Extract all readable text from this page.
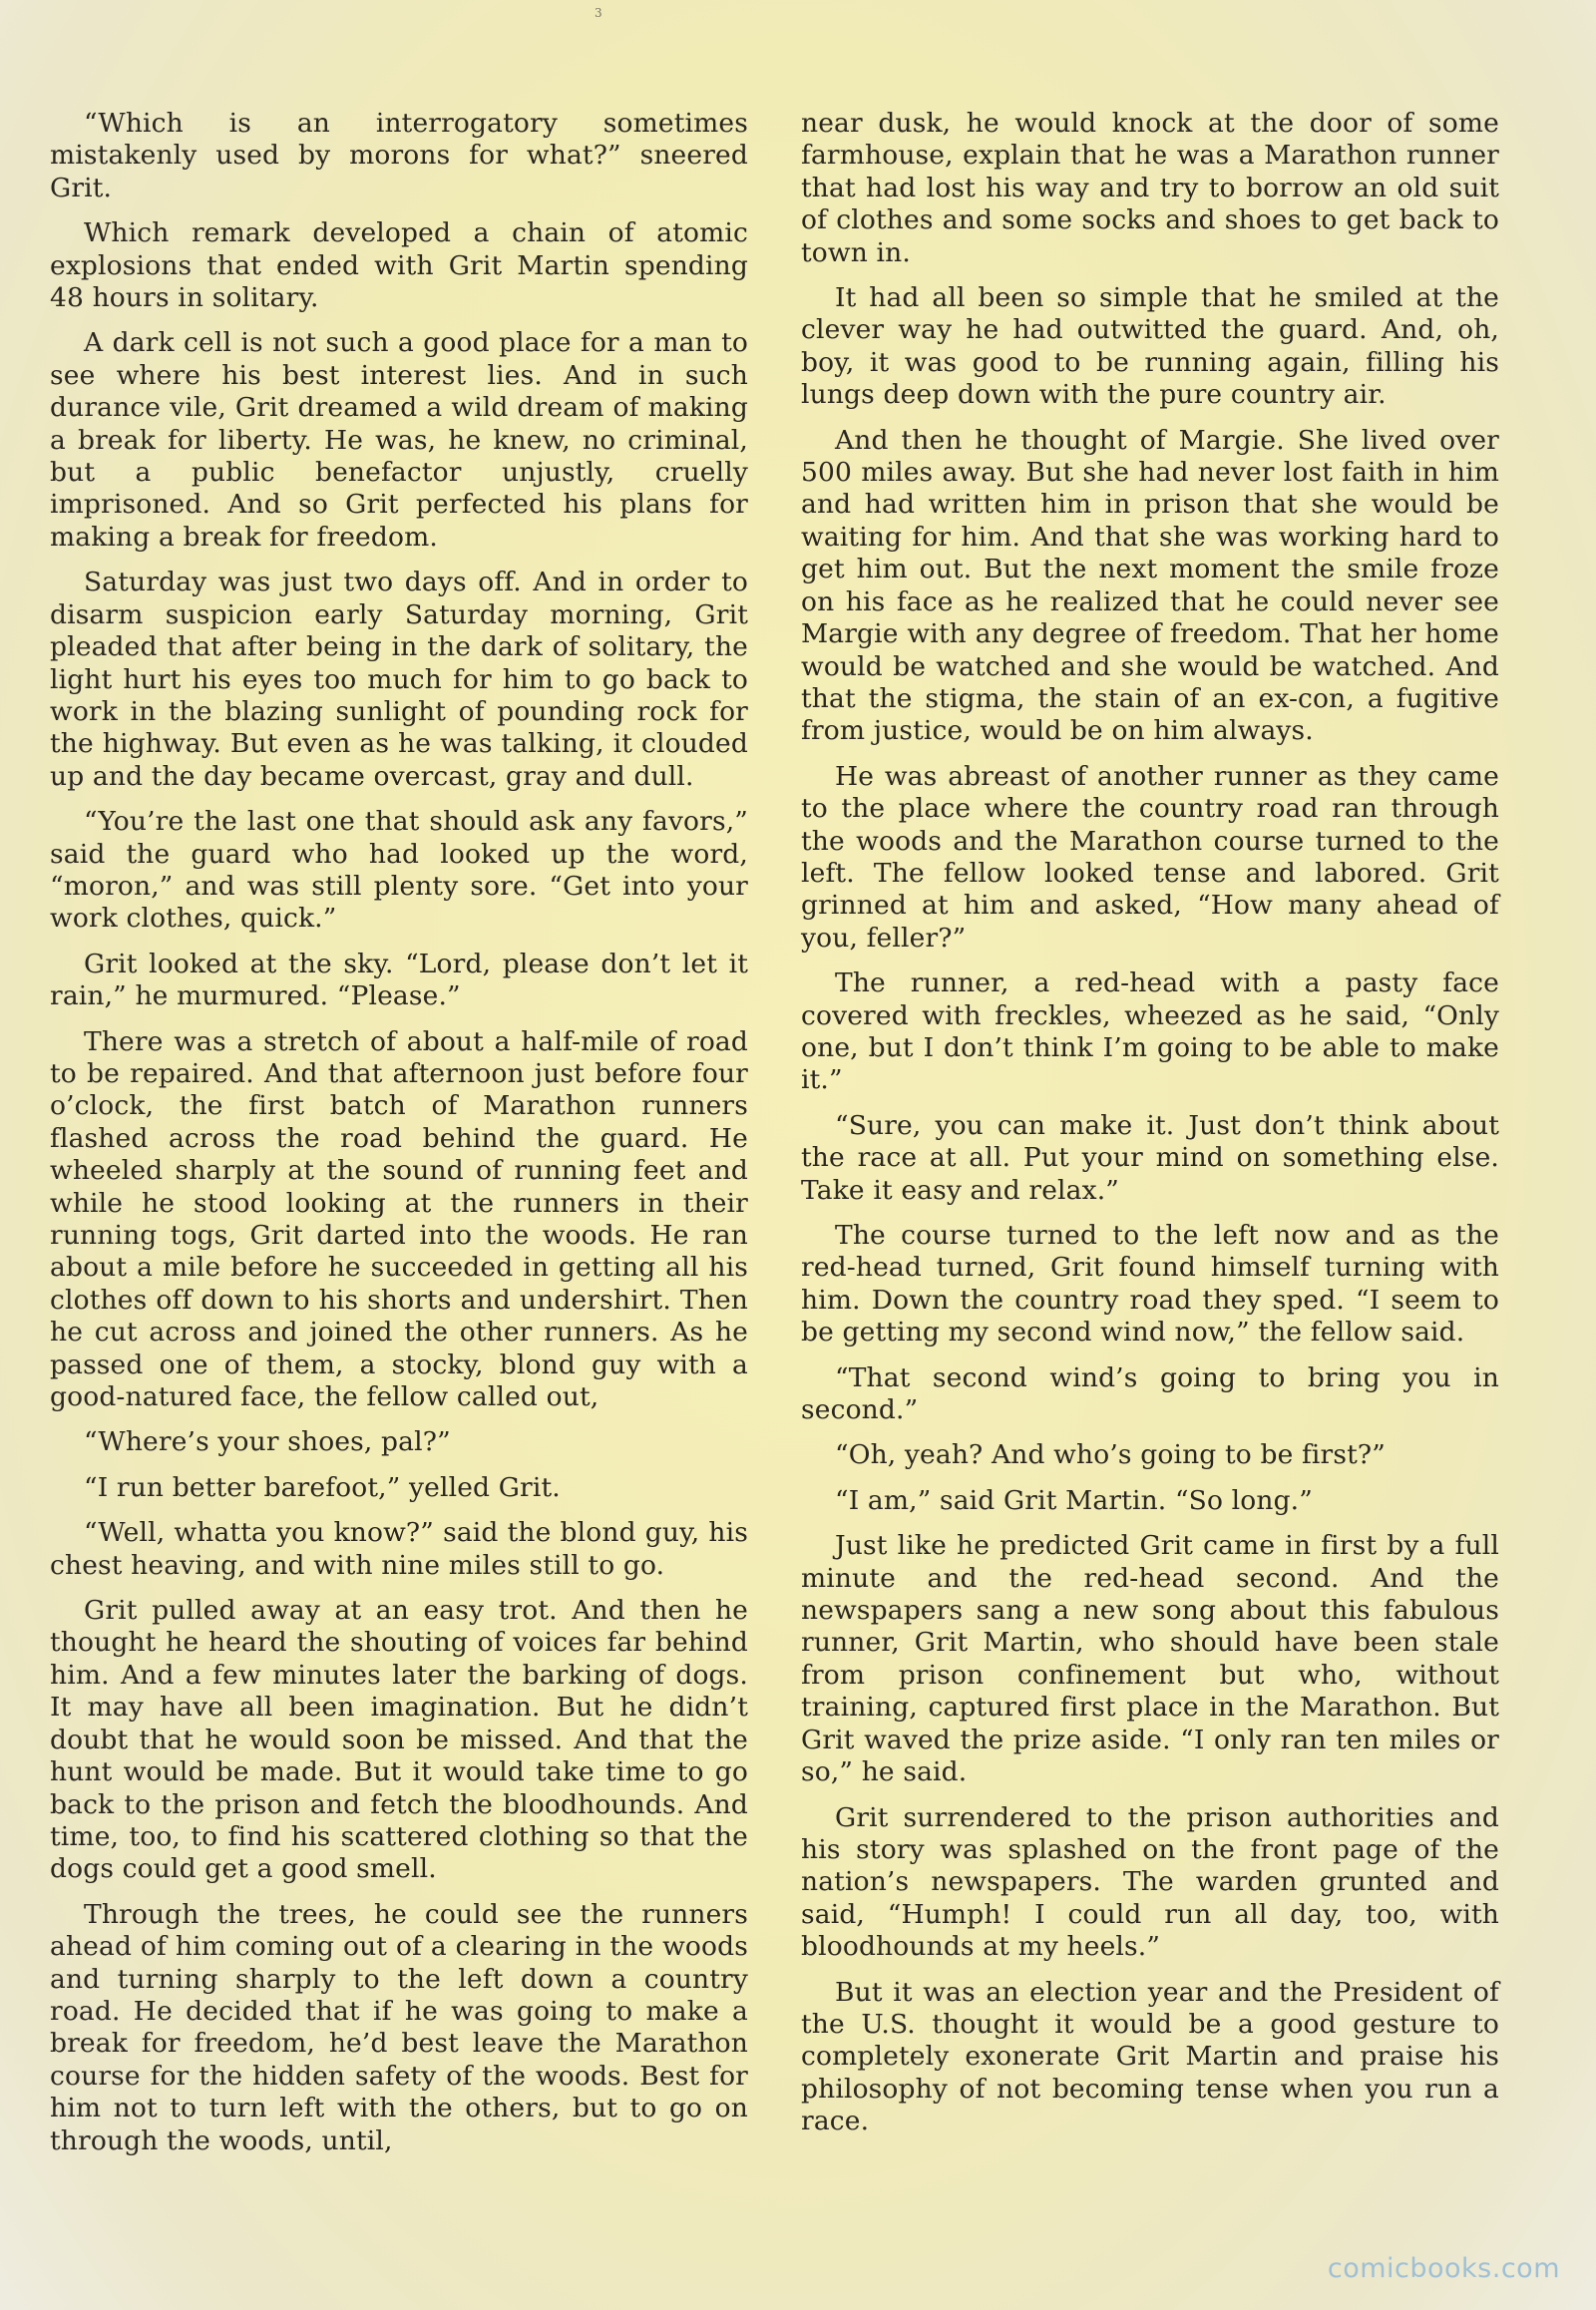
3

“Which is an interrogatory sometimes mistakenly used by morons for what?” sneered Grit.

Which remark developed a chain of atomic explosions that ended with Grit Martin spending 48 hours in solitary.

A dark cell is not such a good place for a man to see where his best interest lies. And in such durance vile, Grit dreamed a wild dream of making a break for liberty. He was, he knew, no criminal, but a public benefactor unjustly, cruelly imprisoned. And so Grit perfected his plans for making a break for freedom.

Saturday was just two days off. And in order to disarm suspicion early Saturday morning, Grit pleaded that after being in the dark of solitary, the light hurt his eyes too much for him to go back to work in the blazing sunlight of pounding rock for the highway. But even as he was talking, it clouded up and the day became overcast, gray and dull.

“You’re the last one that should ask any favors,” said the guard who had looked up the word, “moron,” and was still plenty sore. “Get into your work clothes, quick.”

Grit looked at the sky. “Lord, please don’t let it rain,” he murmured. “Please.”

There was a stretch of about a half-mile of road to be repaired. And that afternoon just before four o’clock, the first batch of Marathon runners flashed across the road behind the guard. He wheeled sharply at the sound of running feet and while he stood looking at the runners in their running togs, Grit darted into the woods. He ran about a mile before he succeeded in getting all his clothes off down to his shorts and undershirt. Then he cut across and joined the other runners. As he passed one of them, a stocky, blond guy with a good-natured face, the fellow called out,

“Where’s your shoes, pal?”

“I run better barefoot,” yelled Grit.

“Well, whatta you know?” said the blond guy, his chest heaving, and with nine miles still to go.

Grit pulled away at an easy trot. And then he thought he heard the shouting of voices far behind him. And a few minutes later the barking of dogs. It may have all been imagination. But he didn’t doubt that he would soon be missed. And that the hunt would be made. But it would take time to go back to the prison and fetch the bloodhounds. And time, too, to find his scattered clothing so that the dogs could get a good smell.

Through the trees, he could see the runners ahead of him coming out of a clearing in the woods and turning sharply to the left down a country road. He decided that if he was going to make a break for freedom, he’d best leave the Marathon course for the hidden safety of the woods. Best for him not to turn left with the others, but to go on through the woods, until,

near dusk, he would knock at the door of some farmhouse, explain that he was a Marathon runner that had lost his way and try to borrow an old suit of clothes and some socks and shoes to get back to town in.

It had all been so simple that he smiled at the clever way he had outwitted the guard. And, oh, boy, it was good to be running again, filling his lungs deep down with the pure country air.

And then he thought of Margie. She lived over 500 miles away. But she had never lost faith in him and had written him in prison that she would be waiting for him. And that she was working hard to get him out. But the next moment the smile froze on his face as he realized that he could never see Margie with any degree of freedom. That her home would be watched and she would be watched. And that the stigma, the stain of an ex-con, a fugitive from justice, would be on him always.

He was abreast of another runner as they came to the place where the country road ran through the woods and the Marathon course turned to the left. The fellow looked tense and labored. Grit grinned at him and asked, “How many ahead of you, feller?”

The runner, a red-head with a pasty face covered with freckles, wheezed as he said, “Only one, but I don’t think I’m going to be able to make it.”

“Sure, you can make it. Just don’t think about the race at all. Put your mind on something else. Take it easy and relax.”

The course turned to the left now and as the red-head turned, Grit found himself turning with him. Down the country road they sped. “I seem to be getting my second wind now,” the fellow said.

“That second wind’s going to bring you in second.”

“Oh, yeah? And who’s going to be first?”

“I am,” said Grit Martin. “So long.”

Just like he predicted Grit came in first by a full minute and the red-head second. And the newspapers sang a new song about this fabulous runner, Grit Martin, who should have been stale from prison confinement but who, without training, captured first place in the Marathon. But Grit waved the prize aside. “I only ran ten miles or so,” he said.

Grit surrendered to the prison authorities and his story was splashed on the front page of the nation’s newspapers. The warden grunted and said, “Humph! I could run all day, too, with bloodhounds at my heels.”

But it was an election year and the President of the U.S. thought it would be a good gesture to completely exonerate Grit Martin and praise his philosophy of not becoming tense when you run a race.

comicbooks.com
